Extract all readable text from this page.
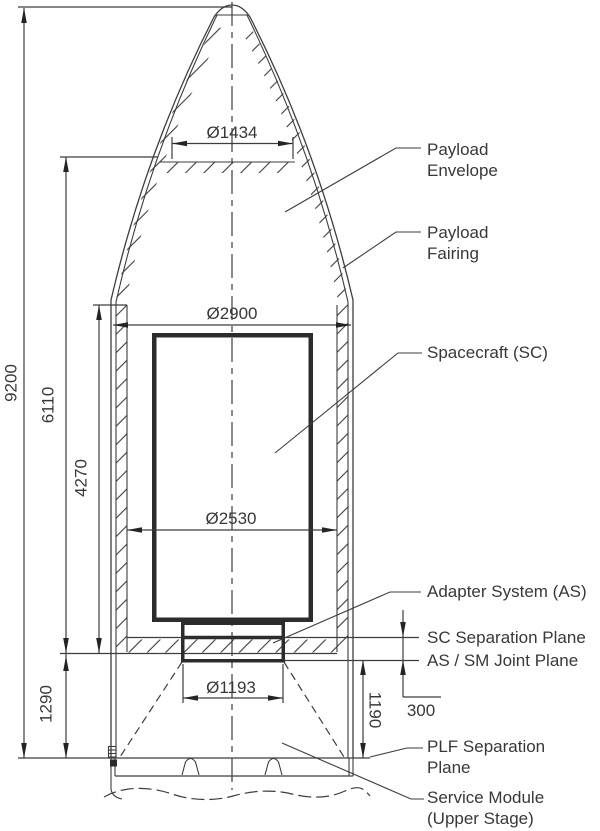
9200
6110
4270
1290	1190 300
Ø1434
Ø2900
Ø2530
Ø1193
Payload Envelope
Payload Fairing
Spacecraft (SC)
Adapter System (AS)
SC Separation Plane
AS / SM Joint Plane
PLF Separation Plane
Service Module (Upper Stage)
